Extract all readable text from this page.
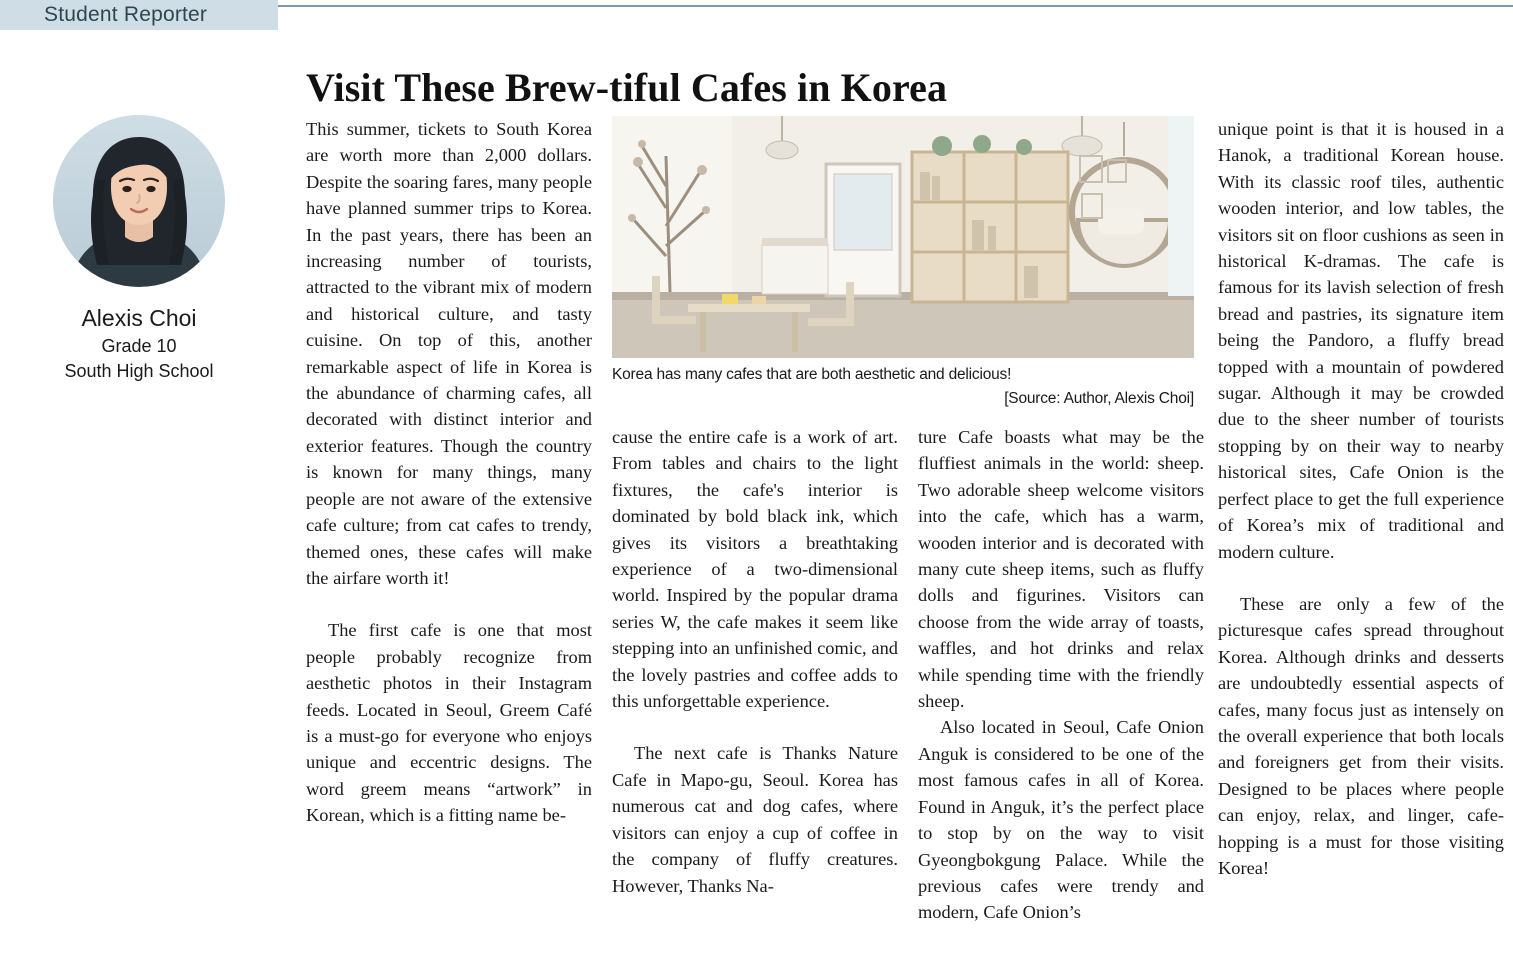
Student Reporter
Alexis Choi
Grade 10
South High School
Visit These Brew-tiful Cafes in Korea
Korea has many cafes that are both aesthetic and delicious!
[Source: Author, Alexis Choi]

This summer, tickets to South Korea are worth more than 2,000 dollars. Despite the soaring fares, many people have planned summer trips to Korea. In the past years, there has been an increasing number of tourists, attracted to the vibrant mix of modern and historical culture, and tasty cuisine. On top of this, another remarkable aspect of life in Korea is the abundance of charming cafes, all decorated with distinct interior and exterior features. Though the country is known for many things, many people are not aware of the extensive cafe culture; from cat cafes to trendy, themed ones, these cafes will make the airfare worth it!

The first cafe is one that most people probably recognize from aesthetic photos in their Instagram feeds. Located in Seoul, Greem Café is a must-go for everyone who enjoys unique and eccentric designs. The word greem means “artwork” in Korean, which is a fitting name be-

cause the entire cafe is a work of art. From tables and chairs to the light fixtures, the cafe's interior is dominated by bold black ink, which gives its visitors a breathtaking experience of a two-dimensional world. Inspired by the popular drama series W, the cafe makes it seem like stepping into an unfinished comic, and the lovely pastries and coffee adds to this unforgettable experience.

The next cafe is Thanks Nature Cafe in Mapo-gu, Seoul. Korea has numerous cat and dog cafes, where visitors can enjoy a cup of coffee in the company of fluffy creatures. However, Thanks Na-

ture Cafe boasts what may be the fluffiest animals in the world: sheep. Two adorable sheep welcome visitors into the cafe, which has a warm, wooden interior and is decorated with many cute sheep items, such as fluffy dolls and figurines. Visitors can choose from the wide array of toasts, waffles, and hot drinks and relax while spending time with the friendly sheep.

Also located in Seoul, Cafe Onion Anguk is considered to be one of the most famous cafes in all of Korea. Found in Anguk, it’s the perfect place to stop by on the way to visit Gyeongbokgung Palace. While the previous cafes were trendy and modern, Cafe Onion’s

unique point is that it is housed in a Hanok, a traditional Korean house. With its classic roof tiles, authentic wooden interior, and low tables, the visitors sit on floor cushions as seen in historical K-dramas. The cafe is famous for its lavish selection of fresh bread and pastries, its signature item being the Pandoro, a fluffy bread topped with a mountain of powdered sugar. Although it may be crowded due to the sheer number of tourists stopping by on their way to nearby historical sites, Cafe Onion is the perfect place to get the full experience of Korea’s mix of traditional and modern culture.

These are only a few of the picturesque cafes spread throughout Korea. Although drinks and desserts are undoubtedly essential aspects of cafes, many focus just as intensely on the overall experience that both locals and foreigners get from their visits. Designed to be places where people can enjoy, relax, and linger, cafe-hopping is a must for those visiting Korea!
